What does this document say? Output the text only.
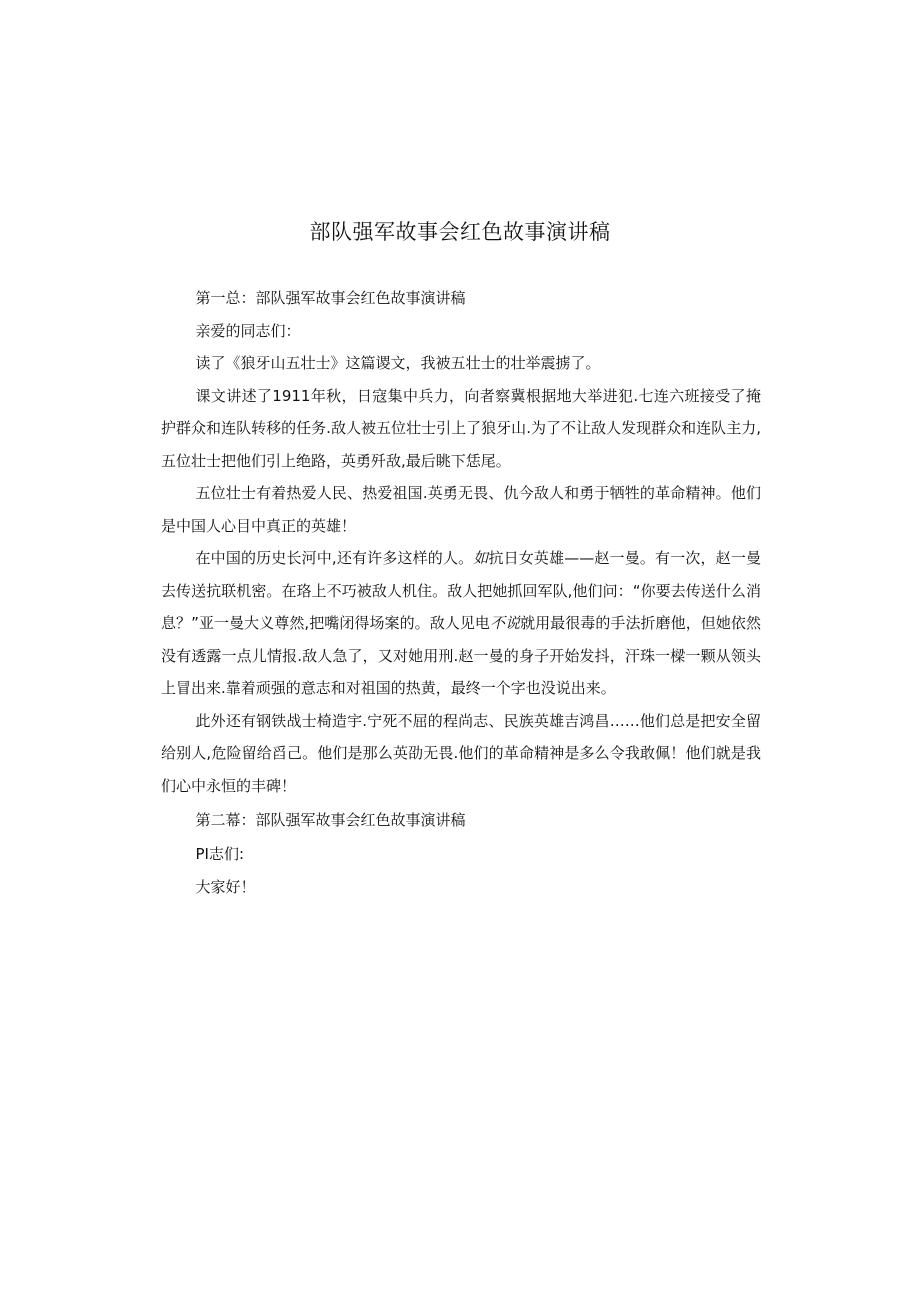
部队强军故事会红色故事演讲稿

第一总：部队强军故事会红色故事演讲稿

亲爱的同志们：

读了《狼牙山五壮士》这篇谡文，我被五壮士的壮举震掳了。

课文讲述了1911年秋，日寇集中兵力，向者察冀根据地大举进犯.七连六班接受了掩护群众和连队转移的任务.敌人被五位壮士引上了狼牙山.为了不让敌人发现群众和连队主力,五位壮士把他们引上绝路，英勇歼敌,最后眺下恁尾。

五位壮士有着热爱人民、热爱祖国.英勇无畏、仇今敌人和勇于牺牲的革命精神。他们是中国人心目中真正的英雄！

在中国的历史长河中,还有许多这样的人。如抗日女英雄——赵一曼。有一次，赵一曼去传送抗联机密。在珞上不巧被敌人机住。敌人把她抓回军队,他们问：“你要去传送什么消息？”亚一曼大义尊然,把嘴闭得场案的。敌人见电不说就用最很毒的手法折磨他，但她依然没有透露一点儿情报.敌人急了，又对她用刑.赵一曼的身子开始发抖，汗珠一樑一颗从领头上冒出来.靠着顽强的意志和对祖国的热黄，最终一个字也没说出来。

此外还有钢铁战士椅造宇.宁死不屈的程尚志、民族英雄吉鸿昌……他们总是把安全留给别人,危险留给舀己。他们是那么英劭无畏.他们的革命精神是多么令我敢佩！他们就是我们心中永恒的丰碑！

第二幕：部队强军故事会红色故事演讲稿

PI志们:

大家好！
